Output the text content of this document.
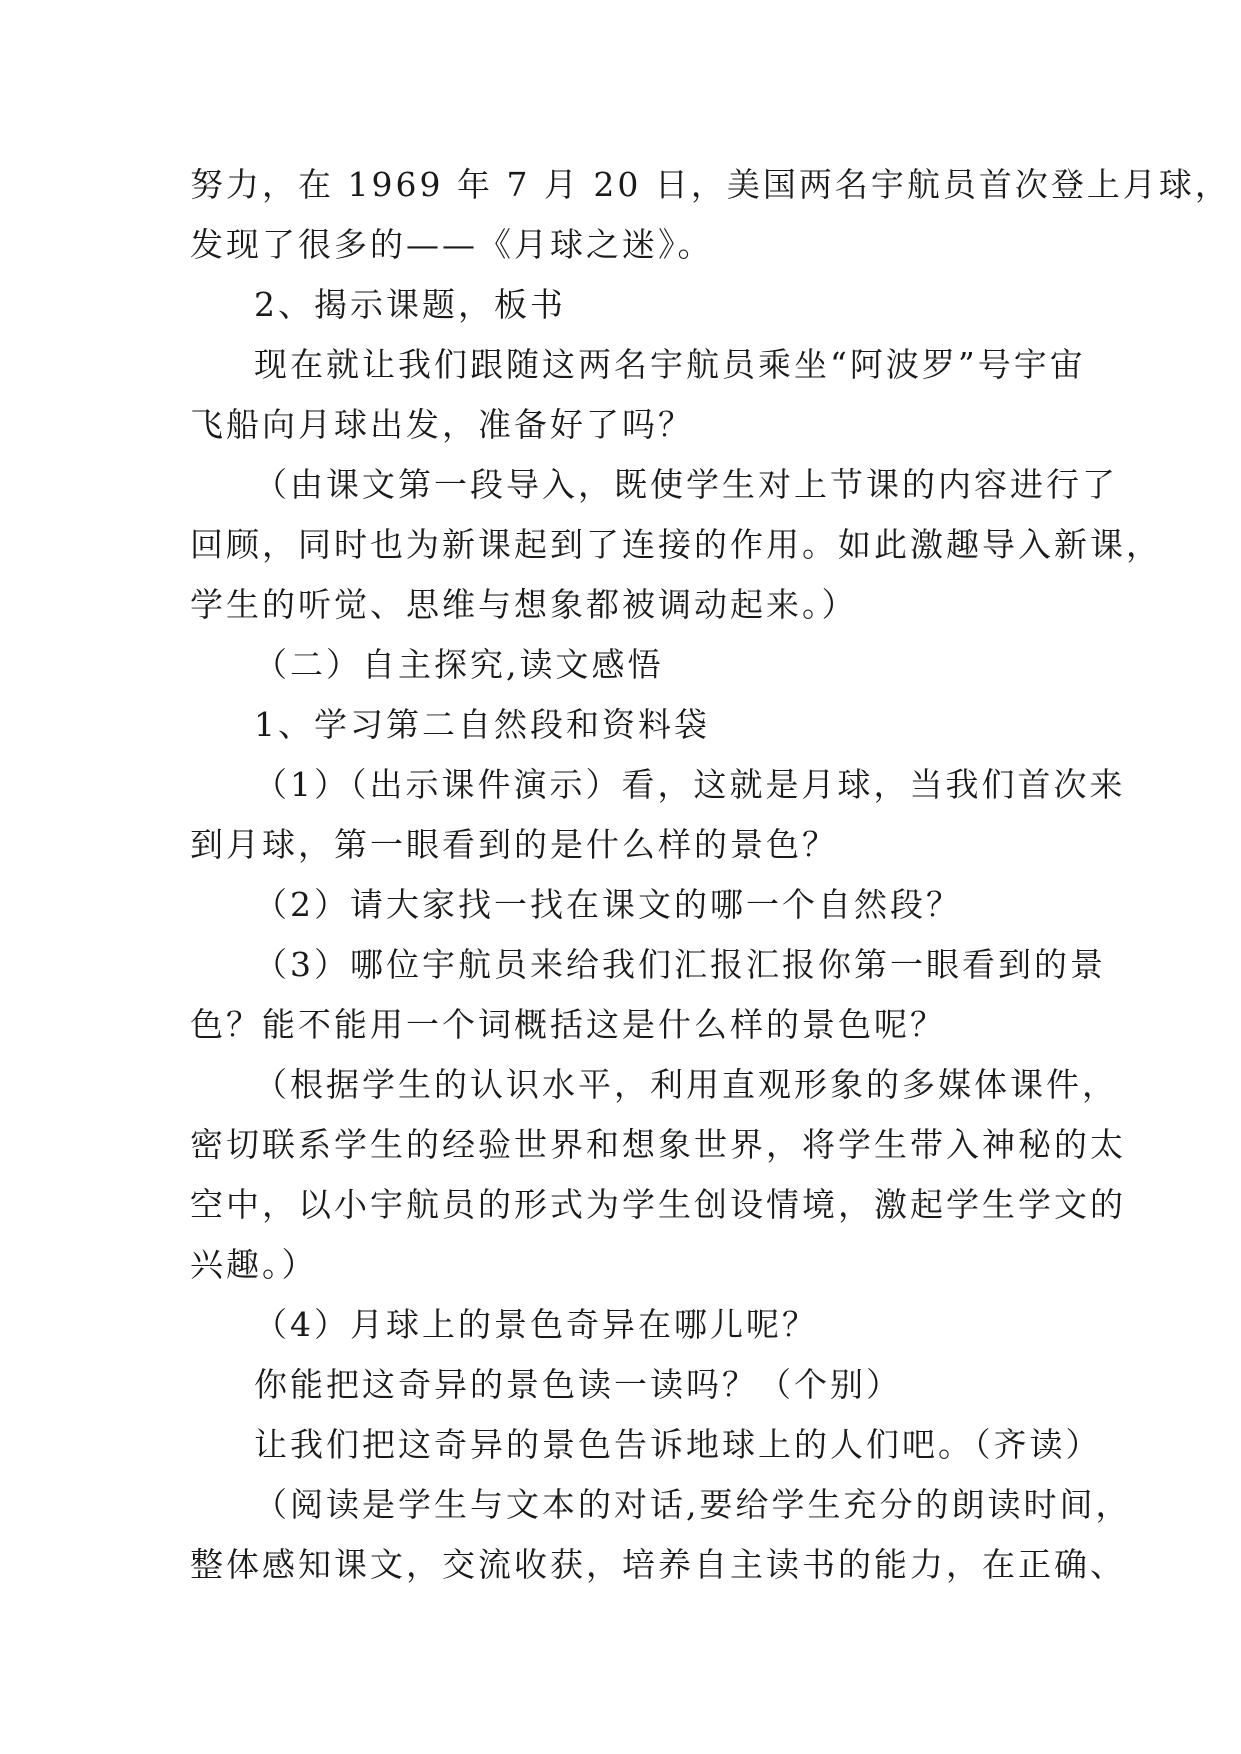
努力，在 1969 年 7 月 20 日，美国两名宇航员首次登上月球，
发现了很多的——《月球之迷》。
2、揭示课题，板书
现在就让我们跟随这两名宇航员乘坐“阿波罗”号宇宙
飞船向月球出发，准备好了吗？
（由课文第一段导入，既使学生对上节课的内容进行了
回顾，同时也为新课起到了连接的作用。如此激趣导入新课，
学生的听觉、思维与想象都被调动起来。）
（二）自主探究,读文感悟
1、学习第二自然段和资料袋
（1）（出示课件演示）看，这就是月球，当我们首次来
到月球，第一眼看到的是什么样的景色？
（2）请大家找一找在课文的哪一个自然段？
（3）哪位宇航员来给我们汇报汇报你第一眼看到的景
色？能不能用一个词概括这是什么样的景色呢？
（根据学生的认识水平，利用直观形象的多媒体课件，
密切联系学生的经验世界和想象世界，将学生带入神秘的太
空中，以小宇航员的形式为学生创设情境，激起学生学文的
兴趣。）
（4）月球上的景色奇异在哪儿呢？
你能把这奇异的景色读一读吗？（个别）
让我们把这奇异的景色告诉地球上的人们吧。（齐读）
（阅读是学生与文本的对话,要给学生充分的朗读时间，
整体感知课文，交流收获，培养自主读书的能力，在正确、
